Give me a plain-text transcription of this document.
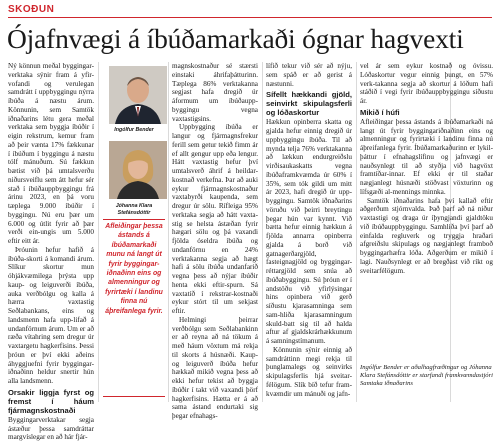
SKOÐUN
Ójafnvægi á íbúðamarkaði ógnar hagvexti

Ný könnun meðal byggingar-verktaka sýnir fram á yfir-vofandi og verulegan samdrátt í uppbyggingu nýrra íbúða á næstu árum. Könnunin, sem Samtök iðnaðarins létu gera meðal verktaka sem byggja íbúðir í eigin rekstrum, kemur fram að þeir vænta 17% fækkunar í íbúðum í byggingu á næstu tólf mánuðum. Sú fækkun bætist við þá umtalsverðu niðursveiflu sem átt hefur sér stað í íbúðauppbyggingu frá árinu 2023, en þá voru tæplega 9.000 íbúðir í byggingu. Nú eru þær um 6.000 og útlit fyrir að þær verði ein-ungis um 5.000 eftir eitt ár.

Þróunin hefur hafið á íbúða-skorti á komandi árum. Slíkur skortur mun óhjákvæmilega þrýsta upp kaup- og leiguverði íbúða, auka verðbólgu og kalla á hærra vaxtastig Seðlabankans, eins og landsmenn hafa upp-lifað á undanförnum árum. Um er að ræða vítahring sem dregur úr vaxtargetu hagkerfisins. Þessi þróun er því ekki aðeins áhyggjuefni fyrir byggingar-iðnaðinn heldur snertir hún alla landsmenn.

Orsakir liggja fyrst og fremst í háum fjármagnskostnaði

Byggingarverktakar segja ástæður þessa samdráttar margvíslegar en að hár fjár-

Ingólfur Bender
Jóhanna Klara Stefánsdóttir
Afleiðingar þessa ástands á íbúðamarkaði munu ná langt út fyrir byggingar-iðnaðinn eins og almenningur og fyrirtæki í landinu finna nú áþreifanlega fyrir.

magnskostnaður sé stærsti einstaki áhrifaþátturinn. Tæplega 86% verktakanna segjast hafa dregið úr áformum um íbúðaupp-byggingu vegna vaxtastigsins.

Uppbygging íbúða er langur og fjármagnsfrekur ferill sem getur tekið fimm ár ef allt gengur upp eða lengur. Hátt vaxtastig hefur því umtalsverð áhrif á heildar-kostnað verkefna. Þar að auki eykur fjármagnskostnaður vaxtabyrði kaupenda, sem dregur úr sölu. Rífleiga 95% verktaka segja að hátt vaxta-stig se helsta ástæðan fyrir hægari sölu og þá vaxandi fjölda óseldra íbúða og undanförnu en 24% verktakanna segja að hægt hafi á sölu íbúða undanfarið vegna þess að nýjar íbúðir henta ekki eftir-spurn. Sá vaxtatíð í rekstrar-kostnaði eykur stórt til um sekjast eftir.

Helmingi þeirrar verðbólgu sem Seðlabankinn er að reyna að ná tökum á með háum vöxtum má rekja til skorts á húsnæði. Kaup- og leiguverð íbúða hefur hækkað mikið vegna þess að ekki hefur tekist að byggja íbúðir í takt við vaxandi þörf hagkerfisins. Hætta er á að sama ástand endurtaki sig þegar efnahags-

lífið tekur við sér að nýju, sem spáð er að gerist á næstunni.

Sífellt hækkandi gjöld, seinvirkt skipulagsferli og lóðaskortur

Hækkun opinberra skatta og gjalda hefur einnig dregið úr uppbyggingu íbúða. Til að mynda telja 76% verktakanna að lækkun endurgreiðslu virðisaukaskatts vegna íbúðaframkvæmda úr 60% í 35%, sem tók gildi um mitt ár 2023, hafi dregið úr upp-byggingu. Samtök iðnaðarins vöruðu við þeirri breytingu þegar hún var kynnt. Við bætta hefur einnig hækkun á fjölda annarra opinberra gjalda á borð við gatnagerðargjöld, fasteignagjöld og byggingar-réttargjöld sem snúa að íbúðabyggingu. Sú þróun er í andstöðu við yfirlýsingar hins opinbera við gerð síðustu kjarasamninga sem sam-hliða kjarasamningum skuld-batt sig til að halda aftur af gjaldskrárhækkunum á samningstímanum.

Könnunin sýnir einnig að samdráttinn megi rekja til þunglamalegs og seinvirks skipulagsferlis hjá sveitar-félögum. Slík bíð tefur fram-kvæmdir um mánuði og jafn-

vel ár sem eykur kostnað og óvissu. Lóðaskortur vegur einnig þungt, en 57% verk-takanna segja að skortur á lóðum hafi stáðið í vegi fyrir íbúðauppbyggingu síðustu ár.

Mikið í húfi

Afleiðingar þessa ástands á íbúðamarkaði ná langt út fyrir byggingariðnaðinn eins og almenningur og fyrirtæki í landinu finna nú áþreifanlega fyrir. Íbúðamarkaðurinn er lykil-þáttur í efnahagslífinu og jafnvægi er nauðsynlegt til að styðja við hagvöxt framtíðar-innar. Ef ekki er til staðar nægjanlegt húsnæði stöðvast vöxturinn og lífsgæði al-mennings minnka.

Samtök iðnaðarins hafa því kallað eftir aðgerðum stjórnvalda. Það þarf að ná niður vaxtastigi og draga úr íþyngjandi gjaldtöku við íbúðauppbyggingu. Samhliða því þarf að einfalda regluverk og tryggja hraðari afgreiðslu skipulags og nægjanlegt framboð byggingarhæfra lóða. Aðgerðum er mikið í lagi. Nauðsynlegt er að bregðast við ríkt og sveitarfélögum.

Ingólfur Bender er aðalhagfræðingur og Jóhanna Klara Stefánsdóttir er starfandi framkvæmdastjóri Samtaka iðnaðarins
